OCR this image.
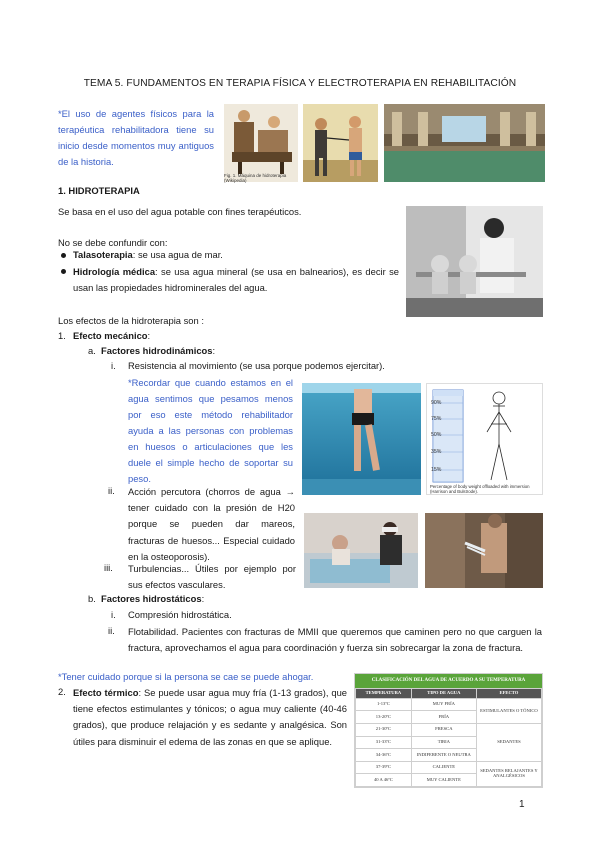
TEMA 5. FUNDAMENTOS EN TERAPIA FÍSICA Y ELECTROTERAPIA EN REHABILITACIÓN
*El uso de agentes físicos para la terapéutica rehabilitadora tiene su inicio desde momentos muy antiguos de la historia.
Fig. 1. Máquina de hidroterapia (Wikipedia)
1. HIDROTERAPIA
Se basa en el uso del agua potable con fines terapéuticos.
No se debe confundir con:
Talasoterapia: se usa agua de mar.
Hidrología médica: se usa agua mineral (se usa en balnearios), es decir se usan las propiedades hidrominerales del agua.
Los efectos de la hidroterapia son :
1. Efecto mecánico:
a. Factores hidrodinámicos:
i. Resistencia al movimiento (se usa porque podemos ejercitar).
*Recordar que cuando estamos en el agua sentimos que pesamos menos por eso este método rehabilitador ayuda a las personas con problemas en huesos o articulaciones que les duele el simple hecho de soportar su peso.
90%
75%
50%
35%
15%
Percentage of body weight offloaded with immersion (Harrison and Bulstrode).
ii. Acción percutora (chorros de agua → tener cuidado con la presión de H20 porque se pueden dar mareos, fracturas de huesos... Especial cuidado en la osteoporosis).
iii. Turbulencias... Útiles por ejemplo por sus efectos vasculares.
b. Factores hidrostáticos:
i. Compresión hidrostática.
ii. Flotabilidad. Pacientes con fracturas de MMII que queremos que caminen pero no que carguen la fractura, aprovechamos el agua para coordinación y fuerza sin sobrecargar la zona de fractura.
*Tener cuidado porque si la persona se cae se puede ahogar.
2. Efecto térmico: Se puede usar agua muy fría (1-13 grados), que tiene efectos estimulantes y tónicos; o agua muy caliente (40-46 grados), que produce relajación y es sedante y analgésica. Son útiles para disminuir el edema de las zonas en que se aplique.
CLASIFICACIÓN DEL AGUA DE ACUERDO A SU TEMPERATURA
TEMPERATURA	TIPO DE AGUA	EFECTO
1-13ºC	MUY FRÍA	ESTIMULANTES O TÓNICO
13-20ºC	FRÍA	
21-30ºC	FRESCA	SEDANTES
31-33ºC	TIBIA	
34-36ºC	INDIFERENTE O NEUTRA	
37-39ºC	CALIENTE	SEDANTES RELAJANTES Y ANALGÉSICOS
40 A 46ºC	MUY CALIENTE	
1
